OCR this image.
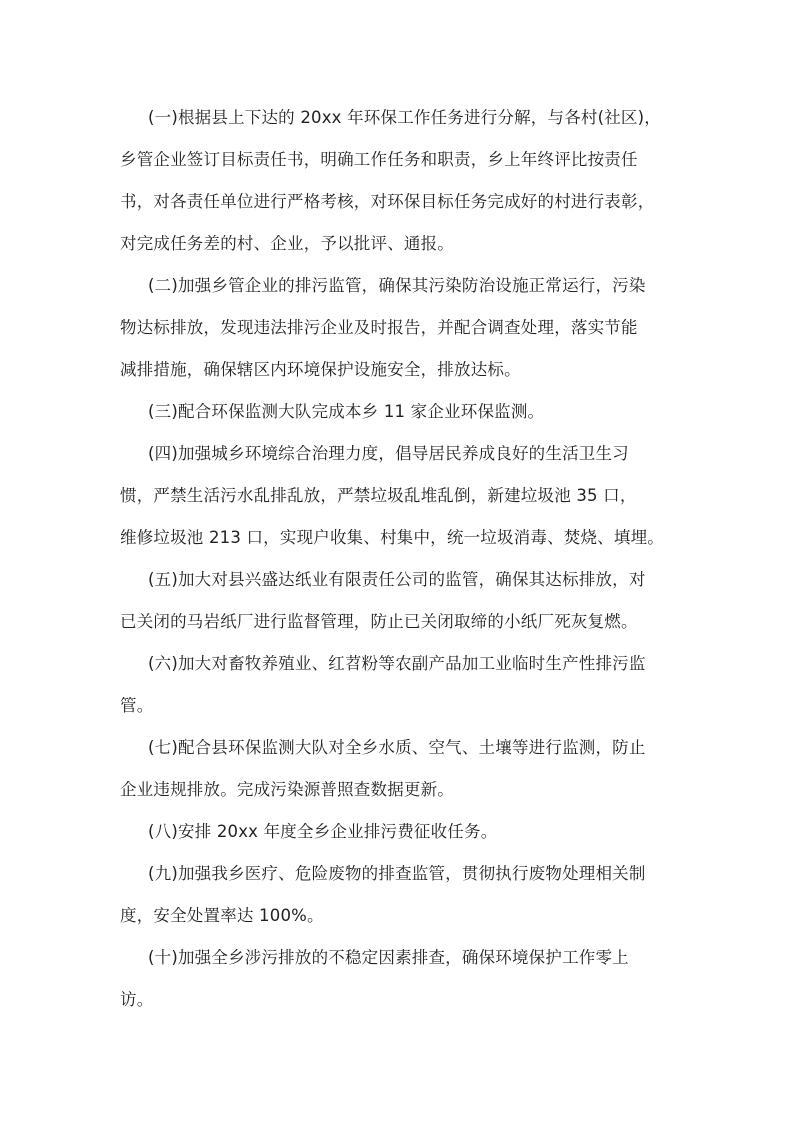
(一)根据县上下达的 20xx 年环保工作任务进行分解，与各村(社区)，
乡管企业签订目标责任书，明确工作任务和职责，乡上年终评比按责任
书，对各责任单位进行严格考核，对环保目标任务完成好的村进行表彰，
对完成任务差的村、企业，予以批评、通报。
(二)加强乡管企业的排污监管，确保其污染防治设施正常运行，污染
物达标排放，发现违法排污企业及时报告，并配合调查处理，落实节能
减排措施，确保辖区内环境保护设施安全，排放达标。
(三)配合环保监测大队完成本乡 11 家企业环保监测。
(四)加强城乡环境综合治理力度，倡导居民养成良好的生活卫生习
惯，严禁生活污水乱排乱放，严禁垃圾乱堆乱倒，新建垃圾池 35 口，
维修垃圾池 213 口，实现户收集、村集中，统一垃圾消毒、焚烧、填埋。
(五)加大对县兴盛达纸业有限责任公司的监管，确保其达标排放，对
已关闭的马岩纸厂进行监督管理，防止已关闭取缔的小纸厂死灰复燃。
(六)加大对畜牧养殖业、红苕粉等农副产品加工业临时生产性排污监
管。
(七)配合县环保监测大队对全乡水质、空气、土壤等进行监测，防止
企业违规排放。完成污染源普照查数据更新。
(八)安排 20xx 年度全乡企业排污费征收任务。
(九)加强我乡医疗、危险废物的排查监管，贯彻执行废物处理相关制
度，安全处置率达 100%。
(十)加强全乡涉污排放的不稳定因素排查，确保环境保护工作零上
访。
